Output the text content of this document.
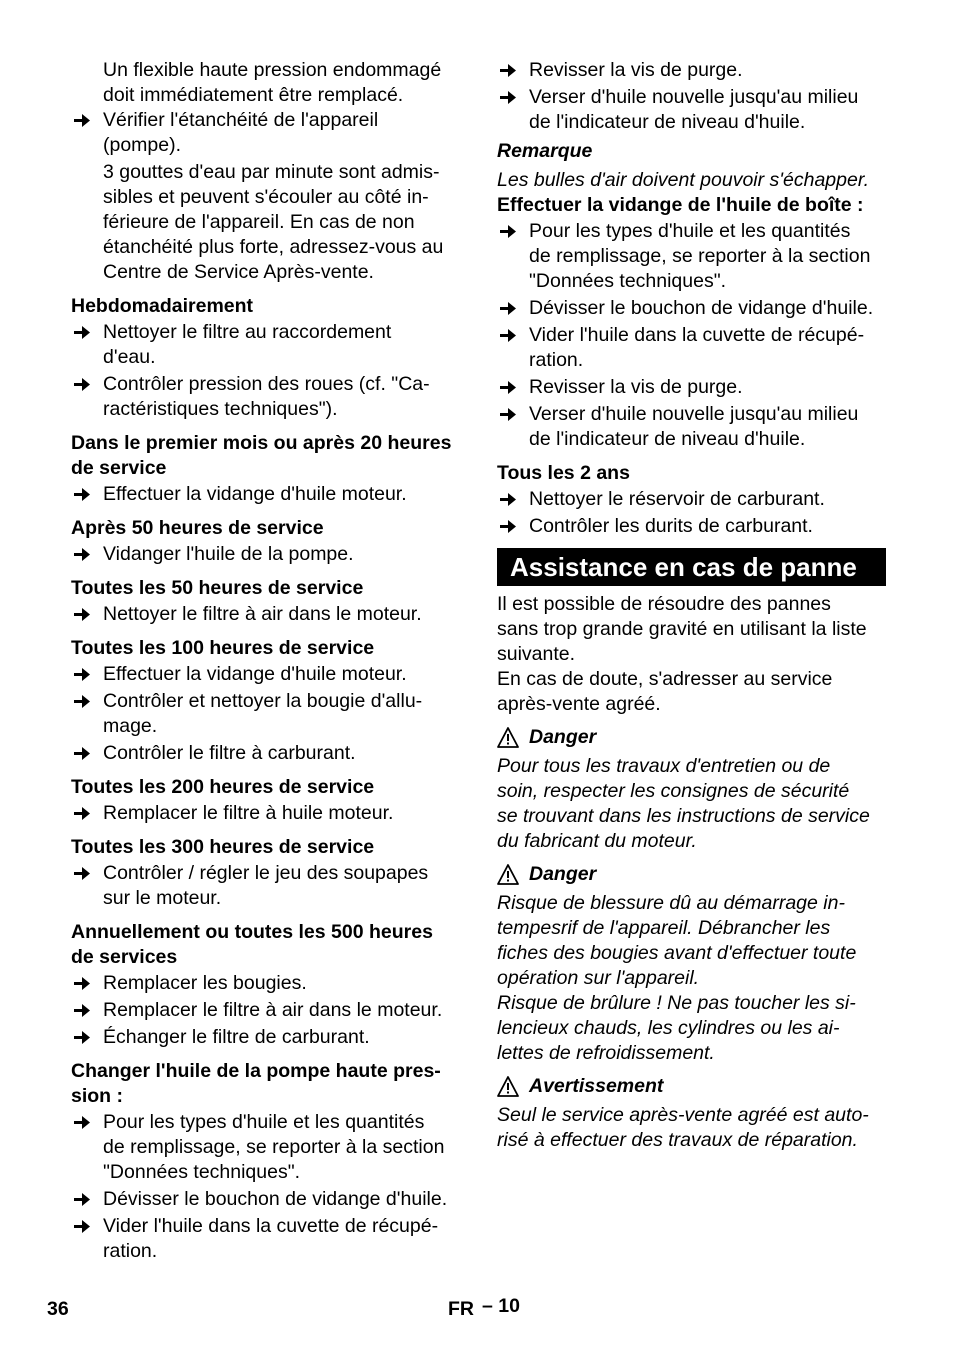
Un flexible haute pression endommagé
doit immédiatement être remplacé.

Vérifier l'étanchéité de l'appareil
(pompe).

3 gouttes d'eau par minute sont admis-
sibles et peuvent s'écouler au côté in-
férieure de l'appareil. En cas de non
étanchéité plus forte, adressez-vous au
Centre de Service Après-vente.

Hebdomadairement
Nettoyer le filtre au raccordement
d'eau.
Contrôler pression des roues (cf. "Ca-
ractéristiques techniques").
Dans le premier mois ou après 20 heures
de service
Effectuer la vidange d'huile moteur.
Après 50 heures de service
Vidanger l'huile de la pompe.
Toutes les 50 heures de service
Nettoyer le filtre à air dans le moteur.
Toutes les 100 heures de service
Effectuer la vidange d'huile moteur.
Contrôler et nettoyer la bougie d'allu-
mage.
Contrôler le filtre à carburant.
Toutes les 200 heures de service
Remplacer le filtre à huile moteur.
Toutes les 300 heures de service
Contrôler / régler le jeu des soupapes
sur le moteur.
Annuellement ou toutes les 500 heures
de services
Remplacer les bougies.
Remplacer le filtre à air dans le moteur.
Échanger le filtre de carburant.
Changer l'huile de la pompe haute pres-
sion :
Pour les types d'huile et les quantités
de remplissage, se reporter à la section
"Données techniques".
Dévisser le bouchon de vidange d'huile.
Vider l'huile dans la cuvette de récupé-
ration.
Revisser la vis de purge.
Verser d'huile nouvelle jusqu'au milieu
de l'indicateur de niveau d'huile.
Remarque

Les bulles d'air doivent pouvoir s'échapper.

Effectuer la vidange de l'huile de boîte :
Pour les types d'huile et les quantités
de remplissage, se reporter à la section
"Données techniques".
Dévisser le bouchon de vidange d'huile.
Vider l'huile dans la cuvette de récupé-
ration.
Revisser la vis de purge.
Verser d'huile nouvelle jusqu'au milieu
de l'indicateur de niveau d'huile.
Tous les 2 ans
Nettoyer le réservoir de carburant.
Contrôler les durits de carburant.
Assistance en cas de panne

Il est possible de résoudre des pannes
sans trop grande gravité en utilisant la liste
suivante.
En cas de doute, s'adresser au service
après-vente agréé.

Danger

Pour tous les travaux d'entretien ou de
soin, respecter les consignes de sécurité
se trouvant dans les instructions de service
du fabricant du moteur.

Danger

Risque de blessure dû au démarrage in-
tempesrif de l'appareil. Débrancher les
fiches des bougies avant d'effectuer toute
opération sur l'appareil.
Risque de brûlure ! Ne pas toucher les si-
lencieux chauds, les cylindres ou les ai-
lettes de refroidissement.

Avertissement

Seul le service après-vente agréé est auto-
risé à effectuer des travaux de réparation.

36	FR – 10
